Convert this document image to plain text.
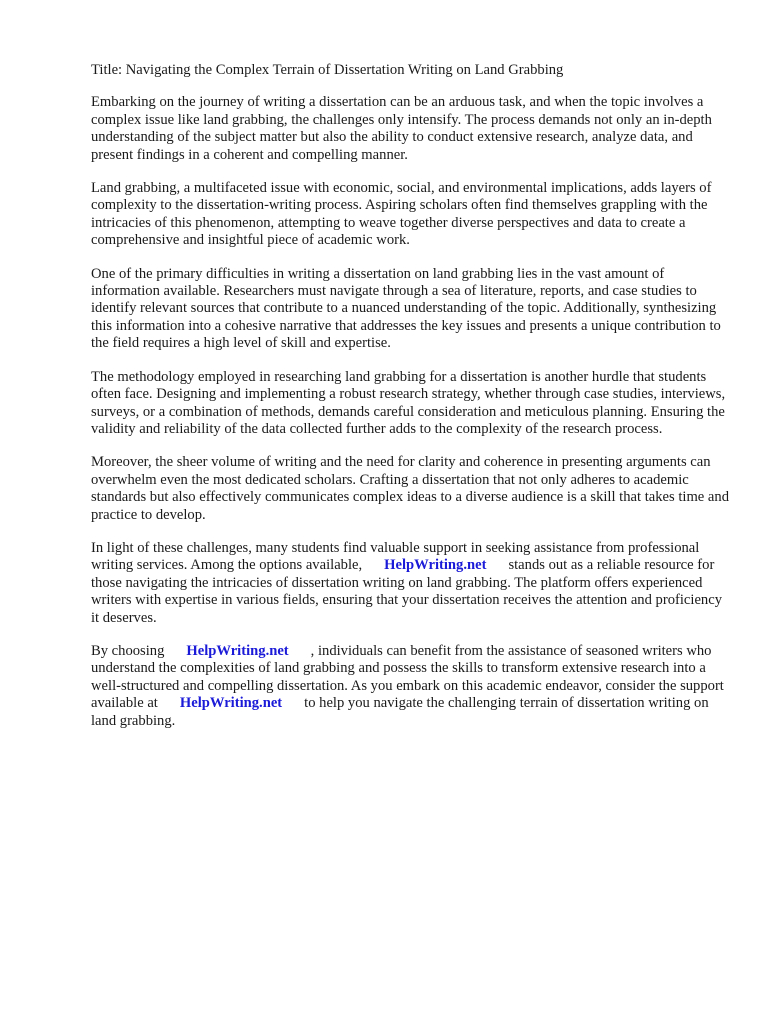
Title: Navigating the Complex Terrain of Dissertation Writing on Land Grabbing

Embarking on the journey of writing a dissertation can be an arduous task, and when the topic involves a complex issue like land grabbing, the challenges only intensify. The process demands not only an in-depth understanding of the subject matter but also the ability to conduct extensive research, analyze data, and present findings in a coherent and compelling manner.

Land grabbing, a multifaceted issue with economic, social, and environmental implications, adds layers of complexity to the dissertation-writing process. Aspiring scholars often find themselves grappling with the intricacies of this phenomenon, attempting to weave together diverse perspectives and data to create a comprehensive and insightful piece of academic work.

One of the primary difficulties in writing a dissertation on land grabbing lies in the vast amount of information available. Researchers must navigate through a sea of literature, reports, and case studies to identify relevant sources that contribute to a nuanced understanding of the topic. Additionally, synthesizing this information into a cohesive narrative that addresses the key issues and presents a unique contribution to the field requires a high level of skill and expertise.

The methodology employed in researching land grabbing for a dissertation is another hurdle that students often face. Designing and implementing a robust research strategy, whether through case studies, interviews, surveys, or a combination of methods, demands careful consideration and meticulous planning. Ensuring the validity and reliability of the data collected further adds to the complexity of the research process.

Moreover, the sheer volume of writing and the need for clarity and coherence in presenting arguments can overwhelm even the most dedicated scholars. Crafting a dissertation that not only adheres to academic standards but also effectively communicates complex ideas to a diverse audience is a skill that takes time and practice to develop.

In light of these challenges, many students find valuable support in seeking assistance from professional writing services. Among the options available, HelpWriting.net stands out as a reliable resource for those navigating the intricacies of dissertation writing on land grabbing. The platform offers experienced writers with expertise in various fields, ensuring that your dissertation receives the attention and proficiency it deserves.

By choosing HelpWriting.net , individuals can benefit from the assistance of seasoned writers who understand the complexities of land grabbing and possess the skills to transform extensive research into a well-structured and compelling dissertation. As you embark on this academic endeavor, consider the support available at HelpWriting.net to help you navigate the challenging terrain of dissertation writing on land grabbing.
